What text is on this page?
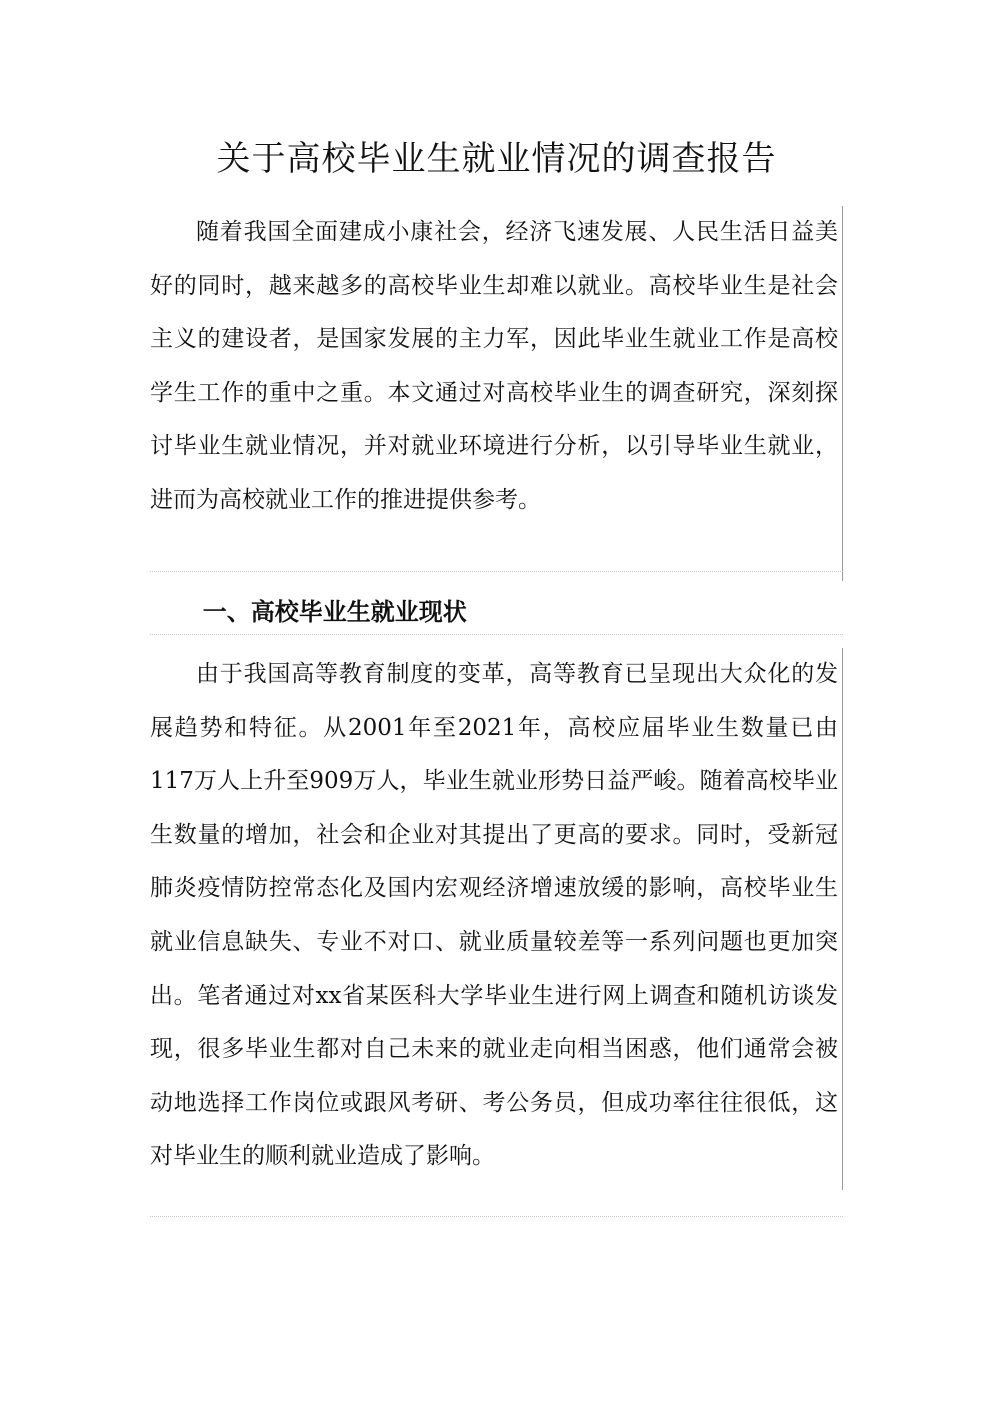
关于高校毕业生就业情况的调查报告

随着我国全面建成小康社会，经济飞速发展、人民生活日益美好的同时，越来越多的高校毕业生却难以就业。高校毕业生是社会主义的建设者，是国家发展的主力军，因此毕业生就业工作是高校学生工作的重中之重。本文通过对高校毕业生的调查研究，深刻探讨毕业生就业情况，并对就业环境进行分析，以引导毕业生就业，进而为高校就业工作的推进提供参考。

一、高校毕业生就业现状

由于我国高等教育制度的变革，高等教育已呈现出大众化的发展趋势和特征。从2001年至2021年，高校应届毕业生数量已由117万人上升至909万人，毕业生就业形势日益严峻。随着高校毕业生数量的增加，社会和企业对其提出了更高的要求。同时，受新冠肺炎疫情防控常态化及国内宏观经济增速放缓的影响，高校毕业生就业信息缺失、专业不对口、就业质量较差等一系列问题也更加突出。笔者通过对xx省某医科大学毕业生进行网上调查和随机访谈发现，很多毕业生都对自己未来的就业走向相当困惑，他们通常会被动地选择工作岗位或跟风考研、考公务员，但成功率往往很低，这对毕业生的顺利就业造成了影响。
